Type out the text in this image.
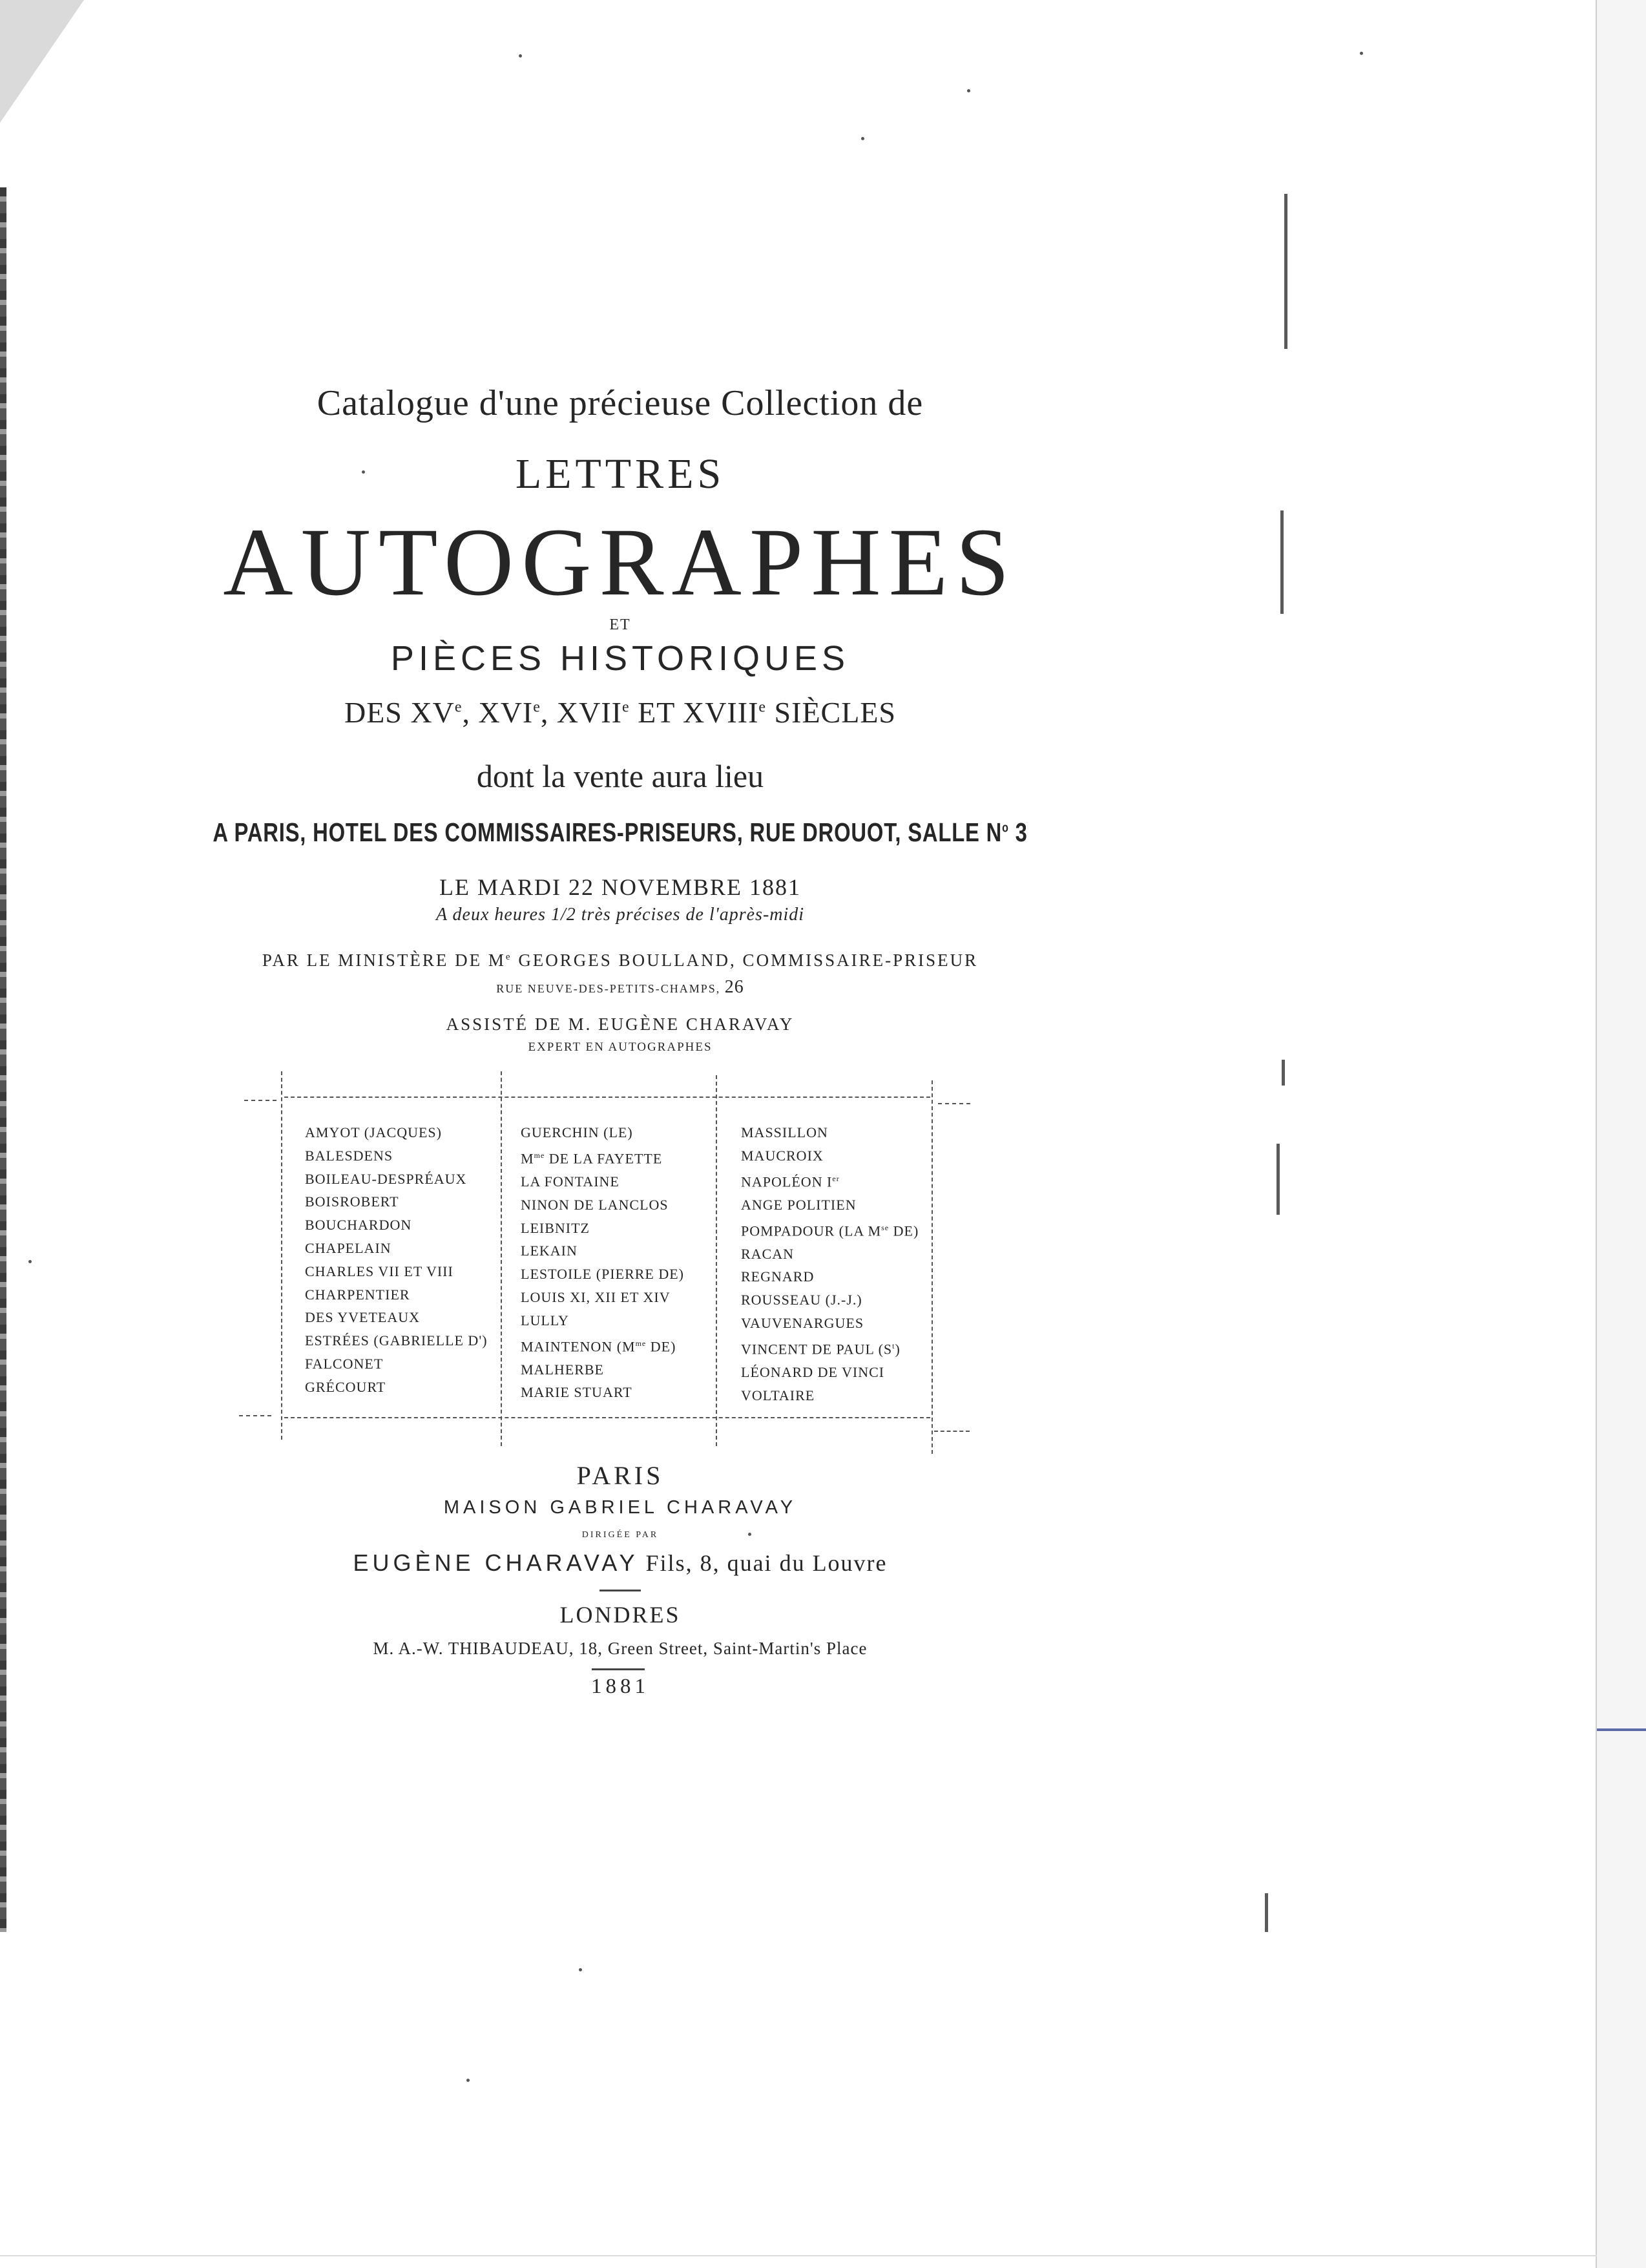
Catalogue d'une précieuse Collection de
LETTRES
AUTOGRAPHES
ET
PIÈCES HISTORIQUES
DES XVe, XVIe, XVIIe ET XVIIIe SIÈCLES
dont la vente aura lieu
A PARIS, HOTEL DES COMMISSAIRES-PRISEURS, RUE DROUOT, SALLE $N^o$ 3
LE MARDI 22 NOVEMBRE 1881
A deux heures 1/2 très précises de l'après-midi
PAR LE MINISTÈRE DE Me GEORGES BOULLAND, COMMISSAIRE-PRISEUR
RUE NEUVE-DES-PETITS-CHAMPS, 26
ASSISTÉ DE M. EUGÈNE CHARAVAY
EXPERT EN AUTOGRAPHES
AMYOT (JACQUES)
BALESDENS
BOILEAU-DESPRÉAUX
BOISROBERT
BOUCHARDON
CHAPELAIN
CHARLES VII ET VIII
CHARPENTIER
DES YVETEAUX
ESTRÉES (GABRIELLE D')
FALCONET
GRÉCOURT
GUERCHIN (LE)
$M^{me}$ DE LA FAYETTE
LA FONTAINE
NINON DE LANCLOS
LEIBNITZ
LEKAIN
LESTOILE (PIERRE DE)
LOUIS XI, XII ET XIV
LULLY
MAINTENON ($M^{me}$ DE)
MALHERBE
MARIE STUART
MASSILLON
MAUCROIX
NAPOLÉON Ier
ANGE POLITIEN
POMPADOUR (LA $M^{se}$ DE)
RACAN
REGNARD
ROUSSEAU (J.-J.)
VAUVENARGUES
VINCENT DE PAUL $(S^t)$
LÉONARD DE VINCI
VOLTAIRE
PARIS
MAISON GABRIEL CHARAVAY
DIRIGÉE PAR
EUGÈNE CHARAVAY Fils, 8, quai du Louvre
LONDRES
M. A.-W. THIBAUDEAU, 18, Green Street, Saint-Martin's Place
1881
